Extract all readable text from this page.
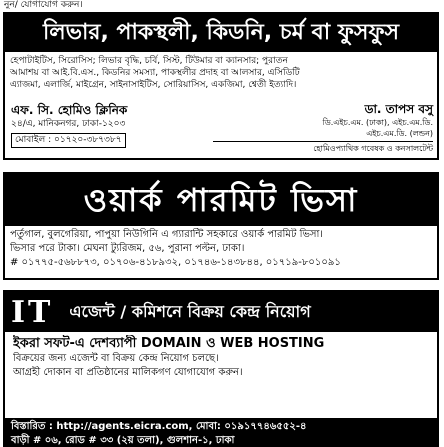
নুন/ যোগাযোগ করুন।
লিভার, পাকস্থলী, কিডনি, চর্ম বা ফুসফুস

হেপাটাইটিস, সিরোসিস; লিভার বৃদ্ধি, চর্বি, সিস্ট, টিউমার বা ক্যানসার; পুরাতন

আমাশয় বা আই.বি.এস., কিডনির সমস্যা, পাকস্থলীর প্রদাহ বা আলসার, এসিডিটি

এ্যাজমা, এলার্জি, মাইগ্রেন, সাইনাসাইটিস, সোরিয়াসিস, একজিমা, শ্বেতী ইত্যাদি।

এফ. সি. হোমিও ক্লিনিক
২৪/এ, মানিকনগর, ঢাকা-১২০৩
মোবাইল : ০১৭২০-৩৮৭৩৮৭
ডা. তাপস বসু
ডি.এইচ.এম. (ঢাকা), এইচ.এম.ডি.
এইচ.এম.ডি. (লন্ডন)
হোমিওপ্যাথিক গবেষক ও কনসালটেন্ট
ওয়ার্ক পারমিট ভিসা

পর্তুগাল, বুলগেরিয়া, পাপুয়া নিউগিনি এ গ্যারান্টি সহকারে ওয়ার্ক পারমিট ভিসা।

ভিসার পরে টাকা। মেঘনা ট্যুরিজম, ৫৬, পুরানা পল্টন, ঢাকা।

# ০১৭৭৫-৫৬৮৮৭৩, ০১৭০৬-৪১৮৯৩২, ০১৭৪৬-১৪৩৮৪৪, ০১৭১৯-৮০১০৯১

IT এজেন্ট / কমিশনে বিক্রয় কেন্দ্র নিয়োগ

ইকরা সফট-এ দেশব্যাপী DOMAIN ও WEB HOSTING

বিক্রয়ের জন্য এজেন্ট বা বিক্রয় কেন্দ্র নিয়োগ চলছে।

আগ্রহী দোকান বা প্রতিষ্ঠানের মালিকগণ যোগাযোগ করুন।

বিস্তারিত : http://agents.eicra.com, মোবা: ০১৯১৭৭৪৬৫৫২-৪

বাড়ী # ০৬, রোড # ৩৩ (২য় তলা), গুলশান-১, ঢাকা
